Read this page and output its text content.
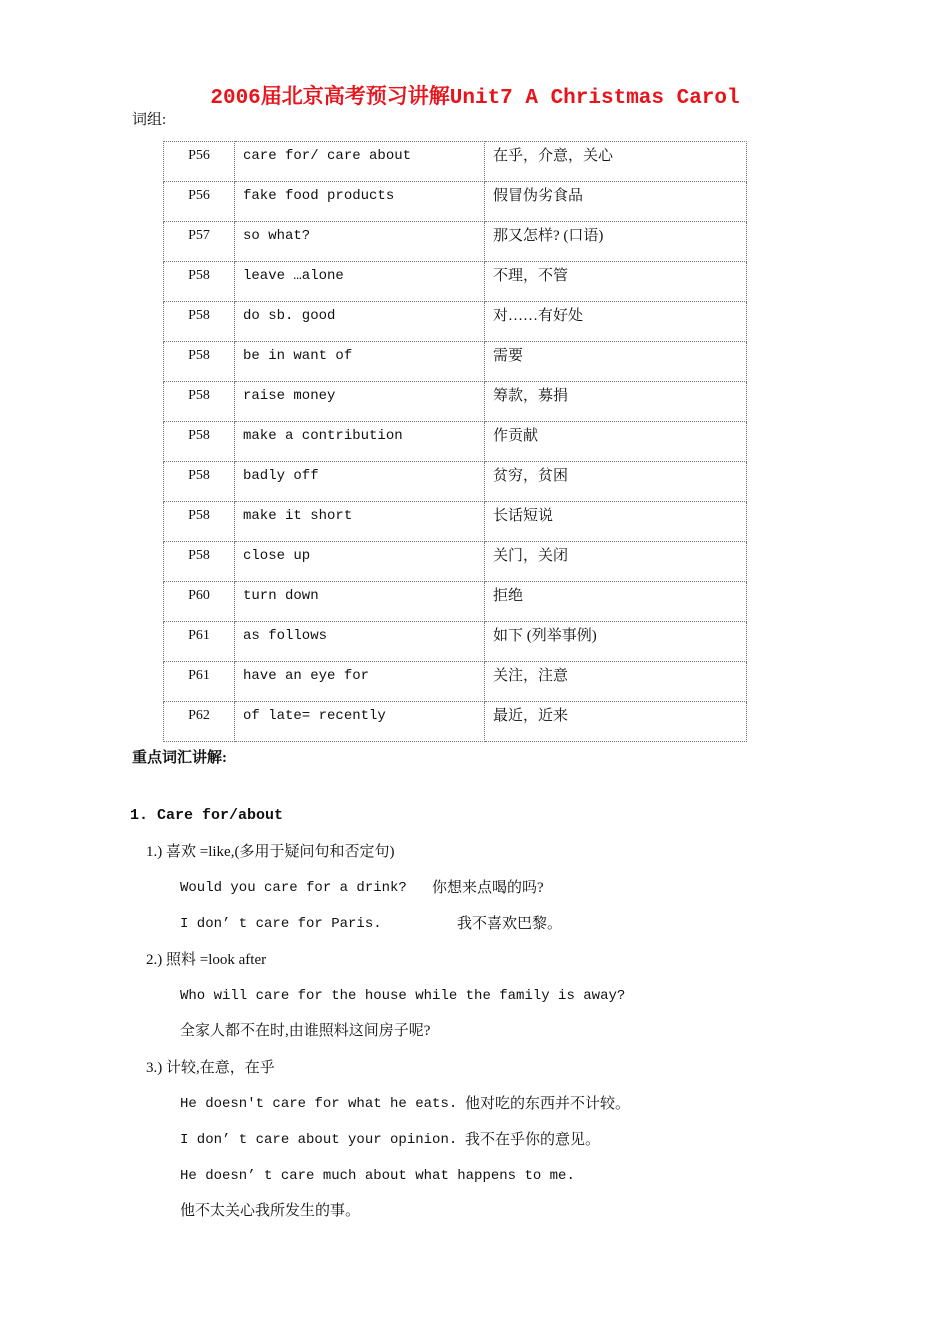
2006届北京高考预习讲解Unit7 A Christmas Carol
词组:
P56	care for/ care about	在乎，介意，关心
P56	fake food products	假冒伪劣食品
P57	so what?	那又怎样? (口语)
P58	leave …alone	不理，不管
P58	do sb. good	对……有好处
P58	be in want of	需要
P58	raise money	筹款，募捐
P58	make a contribution	作贡献
P58	badly off	贫穷，贫困
P58	make it short	长话短说
P58	close up	关门，关闭
P60	turn down	拒绝
P61	as follows	如下 (列举事例)
P61	have an eye for	关注，注意
P62	of late= recently	最近，近来
重点词汇讲解:
1. Care for/about
1.) 喜欢 =like,(多用于疑问句和否定句)
Would you care for a drink? 你想来点喝的吗?
I don’ t care for Paris.	我不喜欢巴黎。
2.) 照料 =look after
Who will care for the house while the family is away?
全家人都不在时,由谁照料这间房子呢?
3.) 计较,在意，在乎
He doesn't care for what he eats. 他对吃的东西并不计较。
I don’ t care about your opinion. 我不在乎你的意见。
He doesn’ t care much about what happens to me.
他不太关心我所发生的事。
